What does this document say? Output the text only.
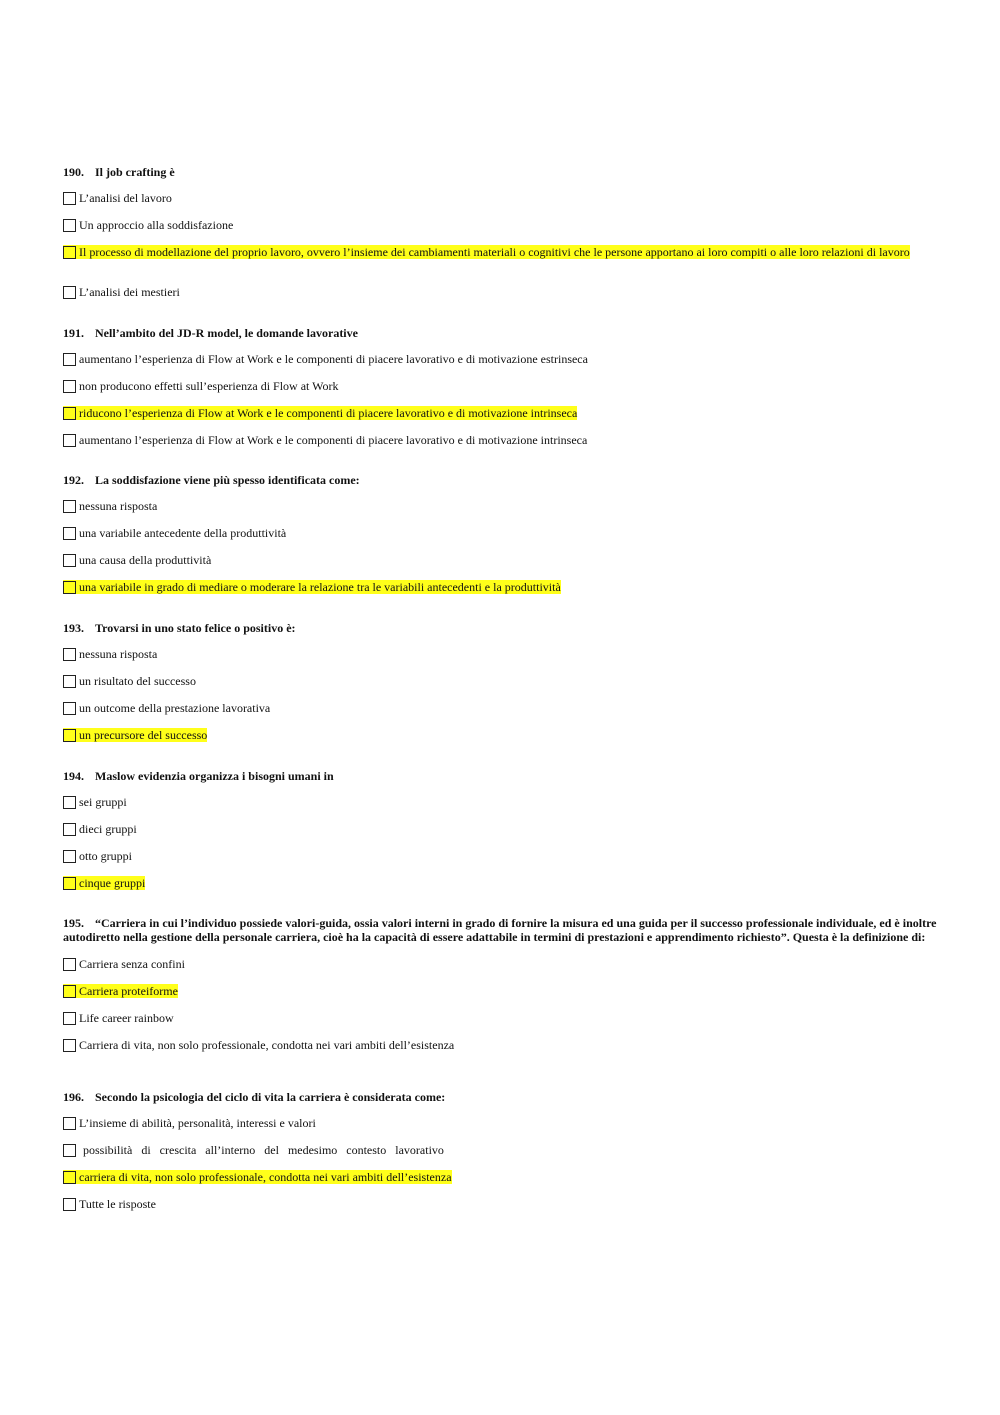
190. Il job crafting è
L’analisi del lavoro
Un approccio alla soddisfazione
Il processo di modellazione del proprio lavoro, ovvero l’insieme dei cambiamenti materiali o cognitivi che le persone apportano ai loro compiti o alle loro relazioni di lavoro
L’analisi dei mestieri
191. Nell’ambito del JD-R model, le domande lavorative
aumentano l’esperienza di Flow at Work e le componenti di piacere lavorativo e di motivazione estrinseca
non producono effetti sull’esperienza di Flow at Work
riducono l’esperienza di Flow at Work e le componenti di piacere lavorativo e di motivazione intrinseca
aumentano l’esperienza di Flow at Work e le componenti di piacere lavorativo e di motivazione intrinseca
192. La soddisfazione viene più spesso identificata come:
nessuna risposta
una variabile antecedente della produttività
una causa della produttività
una variabile in grado di mediare o moderare la relazione tra le variabili antecedenti e la produttività
193. Trovarsi in uno stato felice o positivo è:
nessuna risposta
un risultato del successo
un outcome della prestazione lavorativa
un precursore del successo
194. Maslow evidenzia organizza i bisogni umani in
sei gruppi
dieci gruppi
otto gruppi
cinque gruppi
195. “Carriera in cui l’individuo possiede valori-guida, ossia valori interni in grado di fornire la misura ed una guida per il successo professionale individuale, ed è inoltre autodiretto nella gestione della personale carriera, cioè ha la capacità di essere adattabile in termini di prestazioni e apprendimento richiesto”. Questa è la definizione di:
Carriera senza confini
Carriera proteiforme
Life career rainbow
Carriera di vita, non solo professionale, condotta nei vari ambiti dell’esistenza
196. Secondo la psicologia del ciclo di vita la carriera è considerata come:
L’insieme di abilità, personalità, interessi e valori
possibilità di crescita all’interno del medesimo contesto lavorativo
carriera di vita, non solo professionale, condotta nei vari ambiti dell’esistenza
Tutte le risposte
